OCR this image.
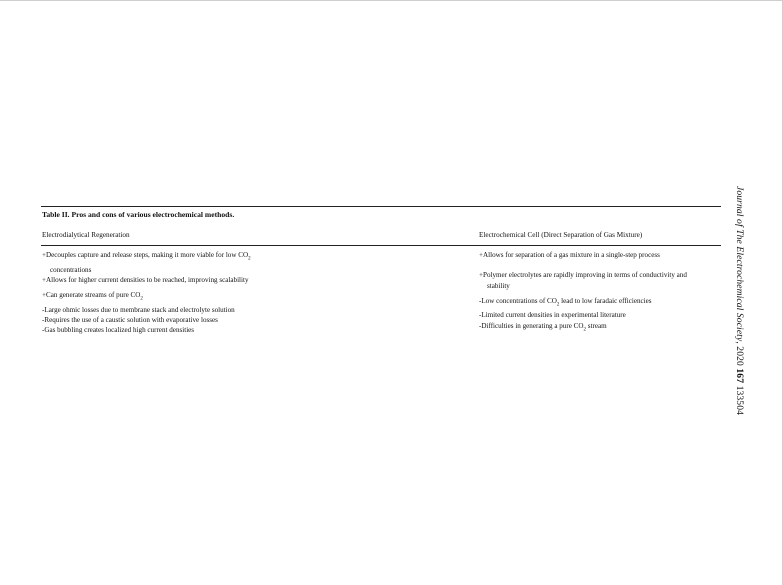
Table II. Pros and cons of various electrochemical methods.
Electrodialytical Regeneration	Electrochemical Cell (Direct Separation of Gas Mixture)

+Decouples capture and release steps, making it more viable for low $CO_2$

concentrations

+Allows for higher current densities to be reached, improving scalability

+Can generate streams of pure $CO_2$

-Large ohmic losses due to membrane stack and electrolyte solution

-Requires the use of a caustic solution with evaporative losses

-Gas bubbling creates localized high current densities

+Allows for separation of a gas mixture in a single-step process

+Polymer electrolytes are rapidly improving in terms of conductivity and

stability

-Low concentrations of $CO_2$ lead to low faradaic efficiencies

-Limited current densities in experimental literature

-Difficulties in generating a pure $CO_2$ stream	Journal of The Electrochemical Society, 2020 167 133504
